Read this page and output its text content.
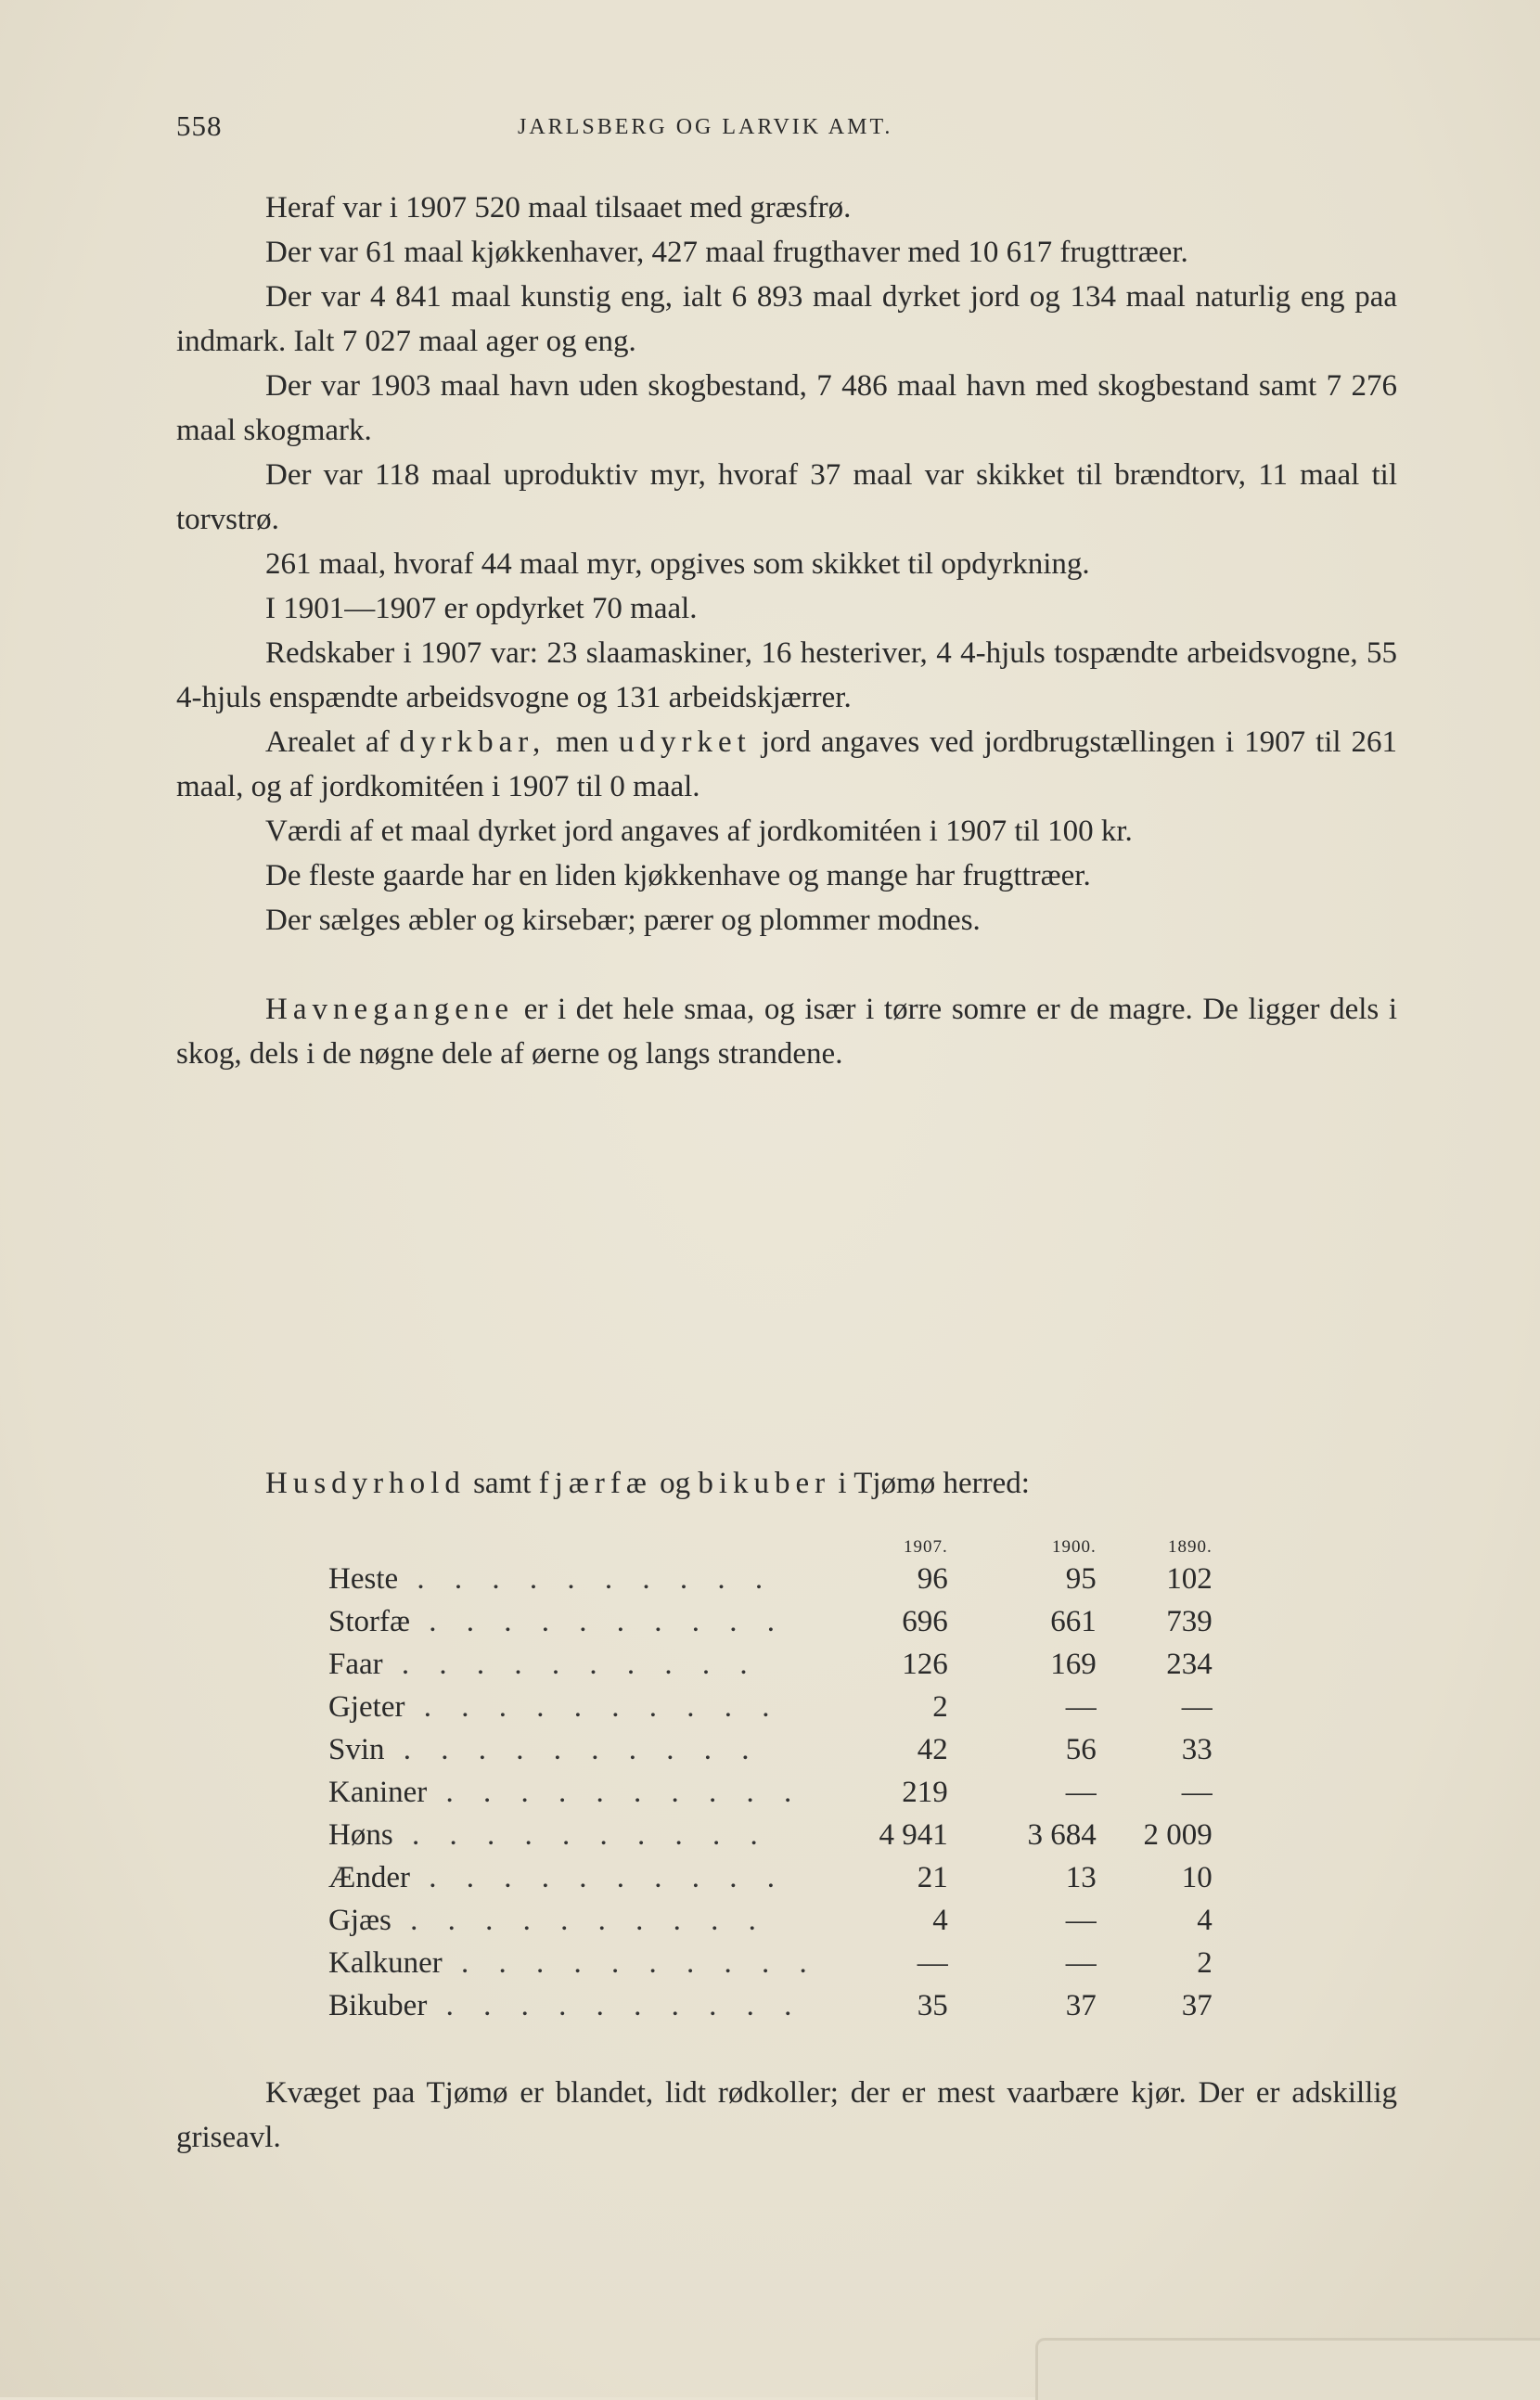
558	JARLSBERG OG LARVIK AMT.

Heraf var i 1907 520 maal tilsaaet med græsfrø.

Der var 61 maal kjøkkenhaver, 427 maal frugthaver med 10 617 frugttræer.

Der var 4 841 maal kunstig eng, ialt 6 893 maal dyrket jord og 134 maal naturlig eng paa indmark. Ialt 7 027 maal ager og eng.

Der var 1903 maal havn uden skogbestand, 7 486 maal havn med skogbestand samt 7 276 maal skogmark.

Der var 118 maal uproduktiv myr, hvoraf 37 maal var skikket til brændtorv, 11 maal til torvstrø.

261 maal, hvoraf 44 maal myr, opgives som skikket til opdyrkning.

I 1901—1907 er opdyrket 70 maal.

Redskaber i 1907 var: 23 slaamaskiner, 16 hesteriver, 4 4-hjuls tospændte arbeidsvogne, 55 4-hjuls enspændte arbeidsvogne og 131 arbeidskjærrer.

Arealet af dyrkbar, men udyrket jord angaves ved jordbrugstællingen i 1907 til 261 maal, og af jordkomitéen i 1907 til 0 maal.

Værdi af et maal dyrket jord angaves af jordkomitéen i 1907 til 100 kr.

De fleste gaarde har en liden kjøkkenhave og mange har frugttræer.

Der sælges æbler og kirsebær; pærer og plommer modnes.

Havnegangene er i det hele smaa, og især i tørre somre er de magre. De ligger dels i skog, dels i de nøgne dele af øerne og langs strandene.

Husdyrhold samt fjærfæ og bikuber i Tjømø herred:

	1907.	1900.	1890.
Heste . . . . . . . . . .	96	95	102
Storfæ . . . . . . . . . .	696	661	739
Faar . . . . . . . . . .	126	169	234
Gjeter . . . . . . . . . .	2	—	—
Svin . . . . . . . . . .	42	56	33
Kaniner . . . . . . . . . .	219	—	—
Høns . . . . . . . . . .	4 941	3 684	2 009
Ænder . . . . . . . . . .	21	13	10
Gjæs . . . . . . . . . .	4	—	4
Kalkuner . . . . . . . . . .	—	—	2
Bikuber . . . . . . . . . .	35	37	37

Kvæget paa Tjømø er blandet, lidt rødkoller; der er mest vaarbære kjør. Der er adskillig griseavl.
